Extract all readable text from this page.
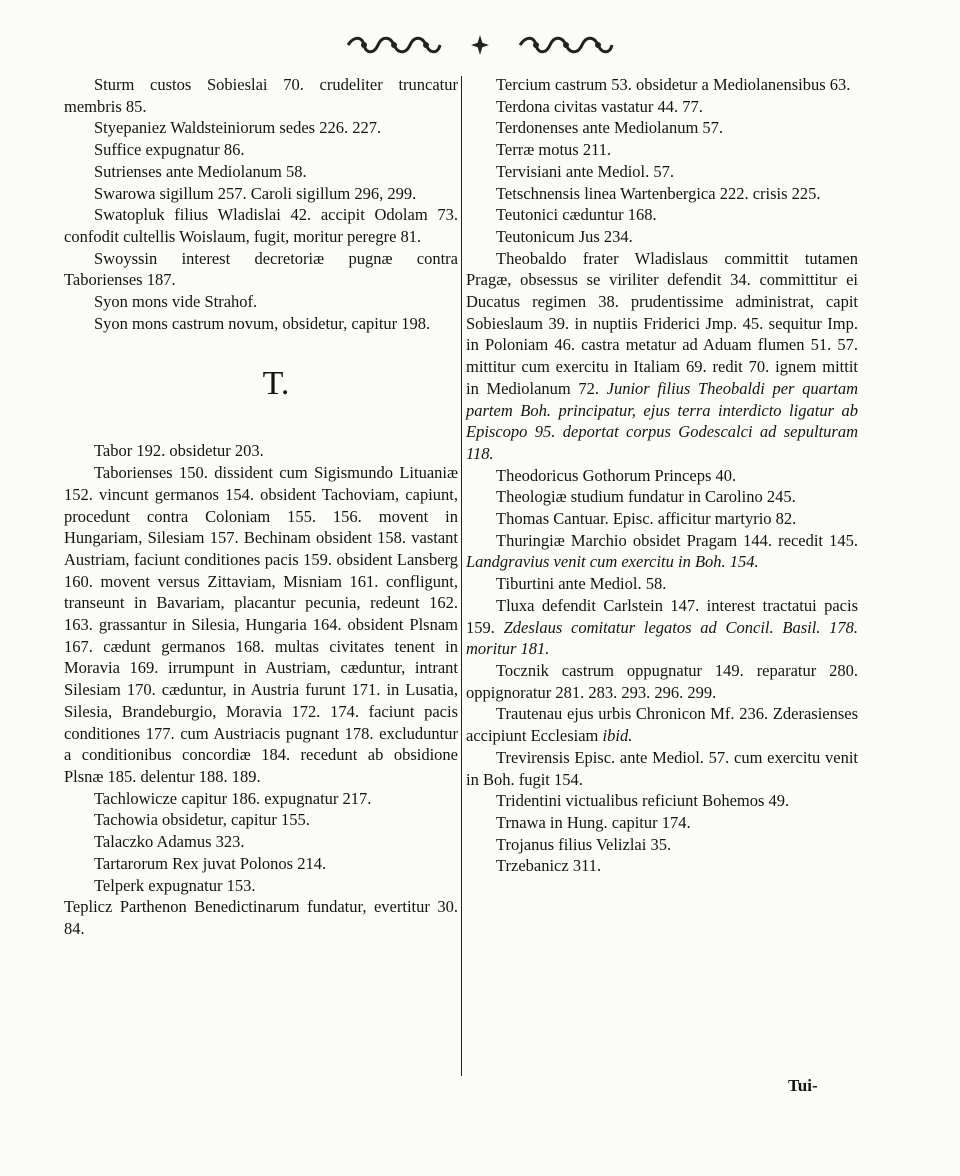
Sturm custos Sobieslai 70. crudeliter truncatur membris 85.

Styepaniez Waldsteiniorum sedes 226. 227.

Suffice expugnatur 86.

Sutrienses ante Mediolanum 58.

Swarowa sigillum 257. Caroli sigillum 296, 299.

Swatopluk filius Wladislai 42. accipit Odolam 73. confodit cultellis Woislaum, fugit, moritur peregre 81.

Swoyssin interest decretoriæ pugnæ contra Taborienses 187.

Syon mons vide Strahof.

Syon mons castrum novum, obsidetur, capitur 198.

T.

Tabor 192. obsidetur 203.

Taborienses 150. dissident cum Sigismundo Lituaniæ 152. vincunt germanos 154. obsident Tachoviam, capiunt, procedunt contra Coloniam 155. 156. movent in Hungariam, Silesiam 157. Bechinam obsident 158. vastant Austriam, faciunt conditiones pacis 159. obsident Lansberg 160. movent versus Zittaviam, Misniam 161. confligunt, transeunt in Bavariam, placantur pecunia, redeunt 162. 163. grassantur in Silesia, Hungaria 164. obsident Plsnam 167. cædunt germanos 168. multas civitates tenent in Moravia 169. irrumpunt in Austriam, cæduntur, intrant Silesiam 170. cæduntur, in Austria furunt 171. in Lusatia, Silesia, Brandeburgio, Moravia 172. 174. faciunt pacis conditiones 177. cum Austriacis pugnant 178. excluduntur a conditionibus concordiæ 184. recedunt ab obsidione Plsnæ 185. delentur 188. 189.

Tachlowicze capitur 186. expugnatur 217.

Tachowia obsidetur, capitur 155.

Talaczko Adamus 323.

Tartarorum Rex juvat Polonos 214.

Telperk expugnatur 153.

Teplicz Parthenon Benedictinarum fundatur, evertitur 30. 84.

Tercium castrum 53. obsidetur a Mediolanensibus 63.

Terdona civitas vastatur 44. 77.

Terdonenses ante Mediolanum 57.

Terræ motus 211.

Tervisiani ante Mediol. 57.

Tetschnensis linea Wartenbergica 222. crisis 225.

Teutonici cæduntur 168.

Teutonicum Jus 234.

Theobaldo frater Wladislaus committit tutamen Pragæ, obsessus se viriliter defendit 34. committitur ei Ducatus regimen 38. prudentissime administrat, capit Sobieslaum 39. in nuptiis Friderici Jmp. 45. sequitur Imp. in Poloniam 46. castra metatur ad Aduam flumen 51. 57. mittitur cum exercitu in Italiam 69. redit 70. ignem mittit in Mediolanum 72. Junior filius Theobaldi per quartam partem Boh. principatur, ejus terra interdicto ligatur ab Episcopo 95. deportat corpus Godescalci ad sepulturam 118.

Theodoricus Gothorum Princeps 40.

Theologiæ studium fundatur in Carolino 245.

Thomas Cantuar. Episc. afficitur martyrio 82.

Thuringiæ Marchio obsidet Pragam 144. recedit 145. Landgravius venit cum exercitu in Boh. 154.

Tiburtini ante Mediol. 58.

Tluxa defendit Carlstein 147. interest tractatui pacis 159. Zdeslaus comitatur legatos ad Concil. Basil. 178. moritur 181.

Tocznik castrum oppugnatur 149. reparatur 280. oppignoratur 281. 283. 293. 296. 299.

Trautenau ejus urbis Chronicon Mf. 236. Zderasienses accipiunt Ecclesiam ibid.

Trevirensis Episc. ante Mediol. 57. cum exercitu venit in Boh. fugit 154.

Tridentini victualibus reficiunt Bohemos 49.

Trnawa in Hung. capitur 174.

Trojanus filius Velizlai 35.

Trzebanicz 311.

Tui-
